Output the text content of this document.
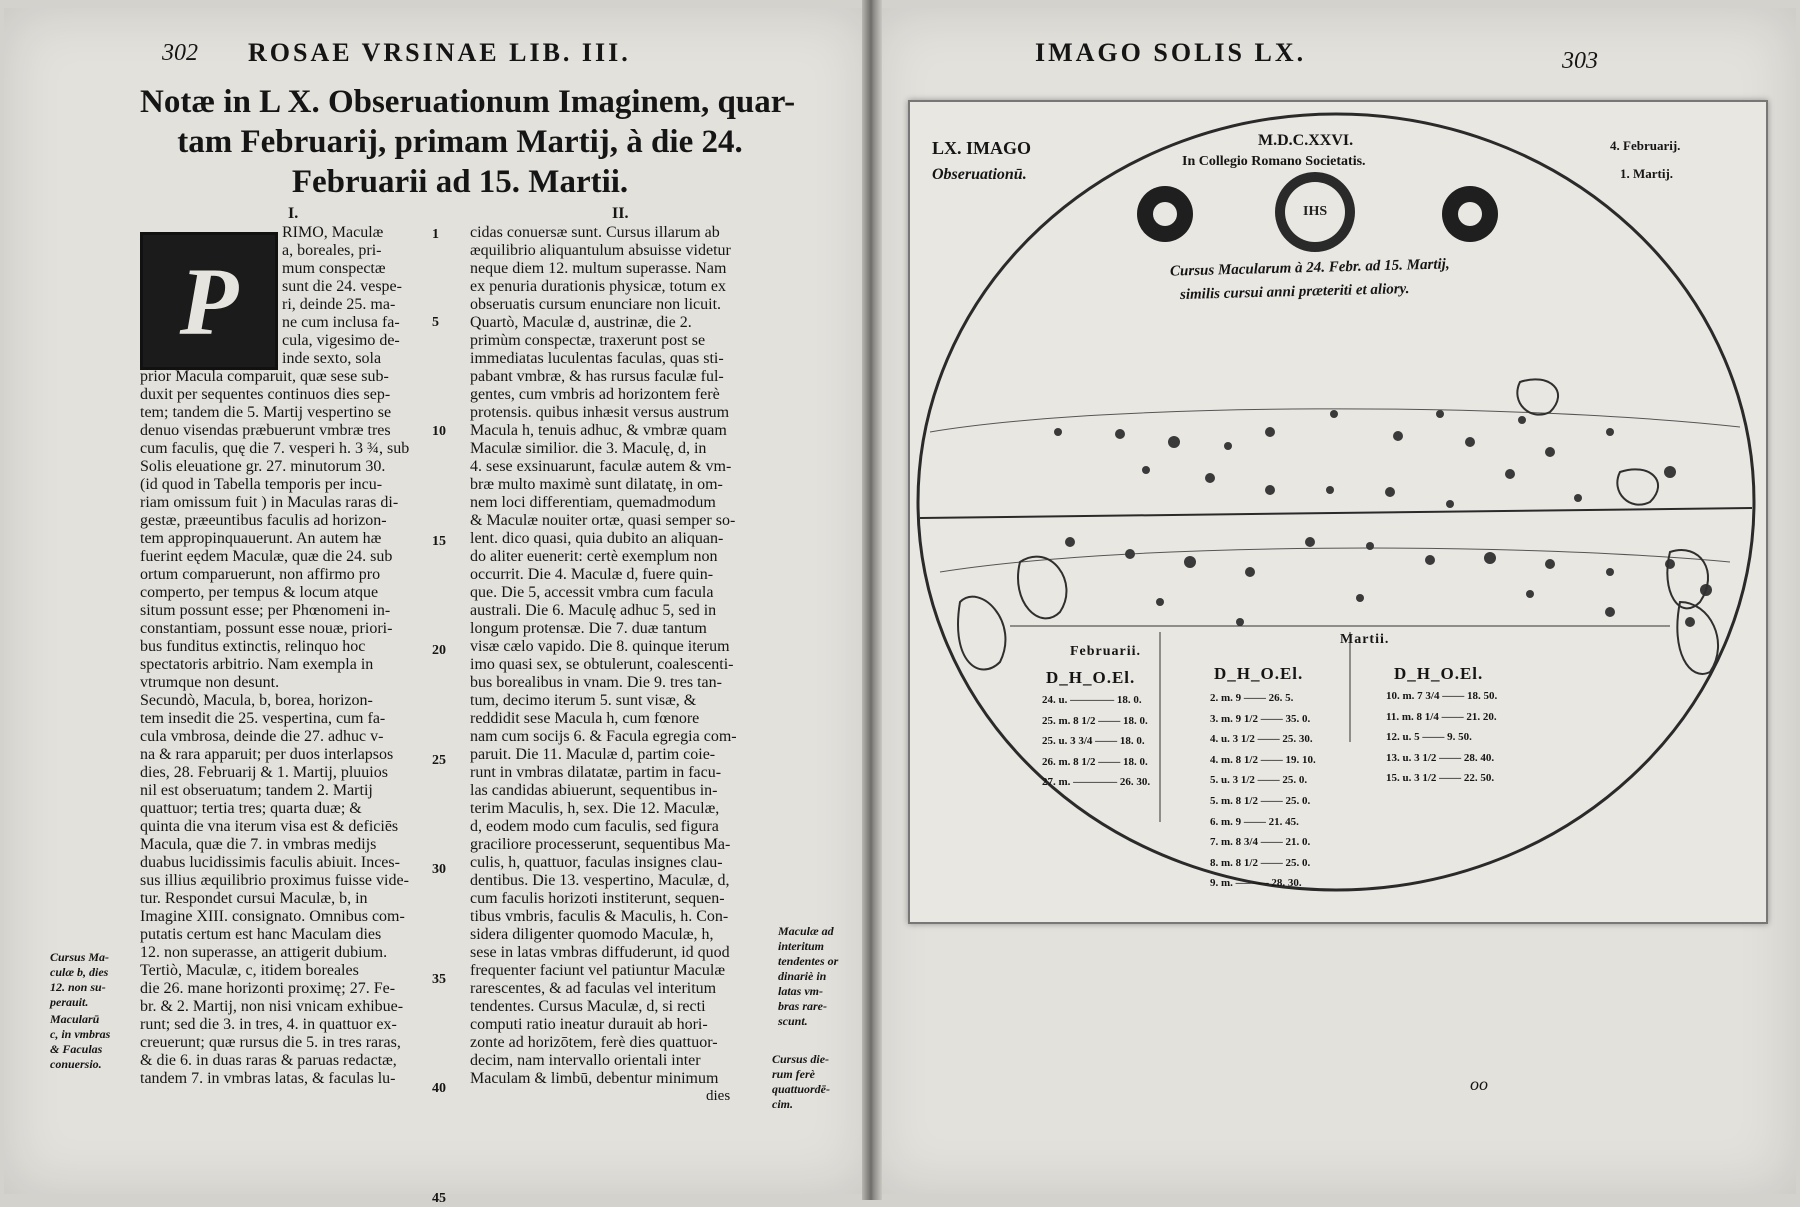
302 ROSAE VRSINAE LIB. III.
Notæ in L X. Obseruationum Imaginem, quar-
tam Februarij, primam Martij, à die 24.
Februarii ad 15. Martii.
I.	II.
P
RIMO, Maculæ
a, boreales, pri-
mum conspectæ
sunt die 24. vespe-
ri, deinde 25. ma-
ne cum inclusa fa-
cula, vigesimo de-
inde sexto, sola
prior Macula comparuit, quæ sese sub-
duxit per sequentes continuos dies sep-
tem; tandem die 5. Martij vespertino se
denuo visendas præbuerunt vmbræ tres
cum faculis, quę die 7. vesperi h. 3 ¾, sub
Solis eleuatione gr. 27. minutorum 30.
(id quod in Tabella temporis per incu-
riam omissum fuit ) in Maculas raras di-
gestæ, præeuntibus faculis ad horizon-
tem appropinquauerunt. An autem hæ
fuerint eędem Maculæ, quæ die 24. sub
ortum comparuerunt, non affirmo pro
comperto, per tempus & locum atque
situm possunt esse; per Phœnomeni in-
constantiam, possunt esse nouæ, priori-
bus funditus extinctis, relinquo hoc
spectatoris arbitrio. Nam exempla in
vtrumque non desunt.
Secundò, Macula, b, borea, horizon-
tem insedit die 25. vespertina, cum fa-
cula vmbrosa, deinde die 27. adhuc v-
na & rara apparuit; per duos interlapsos
dies, 28. Februarij & 1. Martij, pluuios
nil est obseruatum; tandem 2. Martij
quattuor; tertia tres; quarta duæ; &
quinta die vna iterum visa est & deficiēs
Macula, quæ die 7. in vmbras medijs
duabus lucidissimis faculis abiuit. Inces-
sus illius æquilibrio proximus fuisse vide-
tur. Respondet cursui Maculæ, b, in
Imagine XIII. consignato. Omnibus com-
putatis certum est hanc Maculam dies
12. non superasse, an attigerit dubium.
Tertiò, Maculæ, c, itidem boreales
die 26. mane horizonti proximę; 27. Fe-
br. & 2. Martij, non nisi vnicam exhibue-
runt; sed die 3. in tres, 4. in quattuor ex-
creuerunt; quæ rursus die 5. in tres raras,
& die 6. in duas raras & paruas redactæ,
tandem 7. in vmbras latas, & faculas lu-
cidas conuersæ sunt. Cursus illarum ab
æquilibrio aliquantulum absuisse videtur
neque diem 12. multum superasse. Nam
ex penuria durationis physicæ, totum ex
obseruatis cursum enunciare non licuit.
Quartò, Maculæ d, austrinæ, die 2.
primùm conspectæ, traxerunt post se
immediatas luculentas faculas, quas sti-
pabant vmbræ, & has rursus faculæ ful-
gentes, cum vmbris ad horizontem ferè
protensis. quibus inhæsit versus austrum
Macula h, tenuis adhuc, & vmbræ quam
Maculæ similior. die 3. Maculę, d, in
4. sese exsinuarunt, faculæ autem & vm-
bræ multo maximè sunt dilatatę, in om-
nem loci differentiam, quemadmodum
& Maculæ nouiter ortæ, quasi semper so-
lent. dico quasi, quia dubito an aliquan-
do aliter euenerit: certè exemplum non
occurrit. Die 4. Maculæ d, fuere quin-
que. Die 5, accessit vmbra cum facula
australi. Die 6. Maculę adhuc 5, sed in
longum protensæ. Die 7. duæ tantum
visæ cælo vapido. Die 8. quinque iterum
imo quasi sex, se obtulerunt, coalescenti-
bus borealibus in vnam. Die 9. tres tan-
tum, decimo iterum 5. sunt visæ, &
reddidit sese Macula h, cum fœnore
nam cum socijs 6. & Facula egregia com-
paruit. Die 11. Maculæ d, partim coie-
runt in vmbras dilatatæ, partim in facu-
las candidas abiuerunt, sequentibus in-
terim Maculis, h, sex. Die 12. Maculæ,
d, eodem modo cum faculis, sed figura
graciliore processerunt, sequentibus Ma-
culis, h, quattuor, faculas insignes clau-
dentibus. Die 13. vespertino, Maculæ, d,
cum faculis horizoti institerunt, sequen-
tibus vmbris, faculis & Maculis, h. Con-
sidera diligenter quomodo Maculæ, h,
sese in latas vmbras diffuderunt, id quod
frequenter faciunt vel patiuntur Maculæ
rarescentes, & ad faculas vel interitum
tendentes. Cursus Maculæ, d, si recti
computi ratio ineatur durauit ab hori-
zonte ad horizōtem, ferè dies quattuor-
decim, nam intervallo orientali inter
Maculam & limbū, debentur minimum
1
5
10
15
20
25
30
35
40
45
Cursus Ma-
culæ b, dies
12. non su-
perauit.
Macularū
c, in vmbras
& Faculas
conuersio.
Maculæ ad
interitum
tendentes or
dinariè in
latas vm-
bras rare-
scunt.
Cursus die-
rum ferè
quattuordē-
cim.
dies
IMAGO SOLIS LX.	303
LX. IMAGO
Obseruationū.
M.D.C.XXVI.
In Collegio Romano Societatis.
4. Februarij.
1. Martij.
IHS
Cursus Macularum à 24. Febr. ad 15. Martij,
similis cursui anni præteriti et aliory.
Februarii.
Martii.
D_H_O.El.	D_H_O.El.	D_H_O.El.
24. u. ———— 18. 0.
25. m. 8 1/2 —— 18. 0.
25. u. 3 3/4 —— 18. 0.
26. m. 8 1/2 —— 18. 0.
27. m. ———— 26. 30.
2. m. 9 —— 26. 5.
3. m. 9 1/2 —— 35. 0.
4. u. 3 1/2 —— 25. 30.
4. m. 8 1/2 —— 19. 10.
5. u. 3 1/2 —— 25. 0.
5. m. 8 1/2 —— 25. 0.
6. m. 9 —— 21. 45.
7. m. 8 3/4 —— 21. 0.
8. m. 8 1/2 —— 25. 0.
9. m. ——— 28. 30.
10. m. 7 3/4 —— 18. 50.
11. m. 8 1/4 —— 21. 20.
12. u. 5 —— 9. 50.
13. u. 3 1/2 —— 28. 40.
15. u. 3 1/2 —— 22. 50.
oo
